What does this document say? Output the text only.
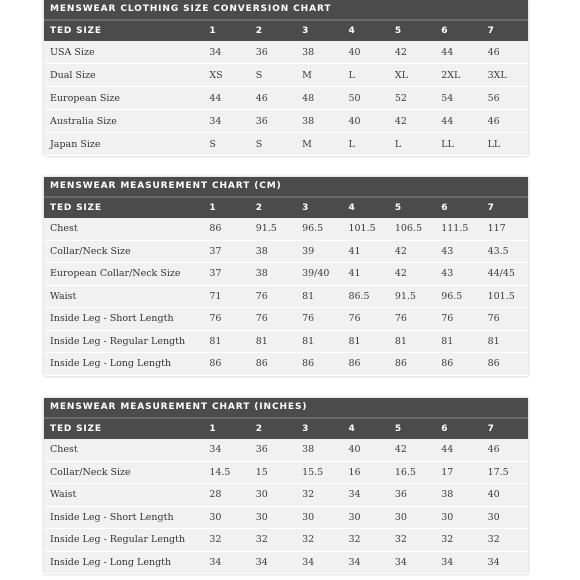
MENSWEAR CLOTHING SIZE CONVERSION CHART
TED SIZE	1	2	3	4	5	6	7
USA Size	34	36	38	40	42	44	46
Dual Size	XS	S	M	L	XL	2XL	3XL
European Size	44	46	48	50	52	54	56
Australia Size	34	36	38	40	42	44	46
Japan Size	S	S	M	L	L	LL	LL
MENSWEAR MEASUREMENT CHART (CM)
TED SIZE	1	2	3	4	5	6	7
Chest	86	91.5	96.5	101.5	106.5	111.5	117
Collar/Neck Size	37	38	39	41	42	43	43.5
European Collar/Neck Size	37	38	39/40	41	42	43	44/45
Waist	71	76	81	86.5	91.5	96.5	101.5
Inside Leg - Short Length	76	76	76	76	76	76	76
Inside Leg - Regular Length	81	81	81	81	81	81	81
Inside Leg - Long Length	86	86	86	86	86	86	86
MENSWEAR MEASUREMENT CHART (INCHES)
TED SIZE	1	2	3	4	5	6	7
Chest	34	36	38	40	42	44	46
Collar/Neck Size	14.5	15	15.5	16	16.5	17	17.5
Waist	28	30	32	34	36	38	40
Inside Leg - Short Length	30	30	30	30	30	30	30
Inside Leg - Regular Length	32	32	32	32	32	32	32
Inside Leg - Long Length	34	34	34	34	34	34	34
